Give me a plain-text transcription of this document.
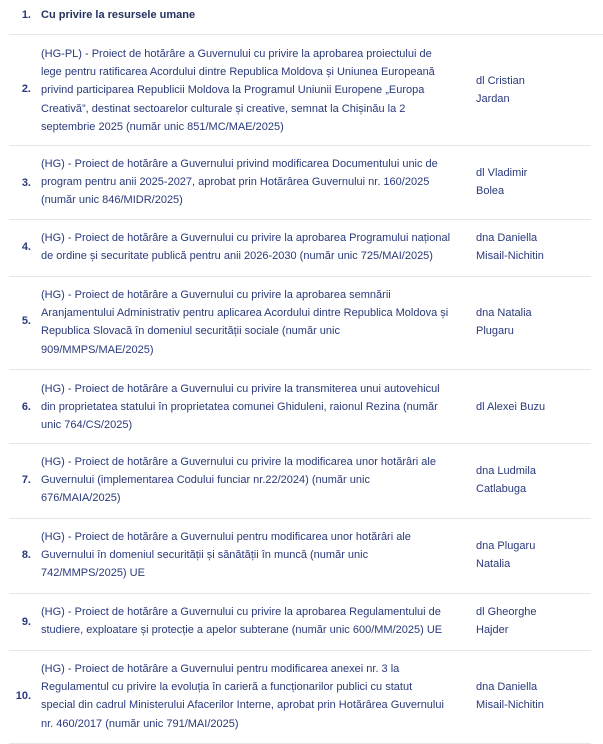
1. Cu privire la resursele umane
2.
(HG-PL) - Proiect de hotărâre a Guvernului cu privire la aprobarea proiectului de
lege pentru ratificarea Acordului dintre Republica Moldova și Uniunea Europeană
privind participarea Republicii Moldova la Programul Uniunii Europene „Europa
Creativă”, destinat sectoarelor culturale și creative, semnat la Chișinău la 2
septembrie 2025 (număr unic 851/MC/MAE/2025)
dl Cristian
Jardan
3.
(HG) - Proiect de hotărâre a Guvernului privind modificarea Documentului unic de
program pentru anii 2025-2027, aprobat prin Hotărârea Guvernului nr. 160/2025
(număr unic 846/MIDR/2025)
dl Vladimir
Bolea
4.
(HG) - Proiect de hotărâre a Guvernului cu privire la aprobarea Programului național
de ordine și securitate publică pentru anii 2026-2030 (număr unic 725/MAI/2025)
dna Daniella
Misail-Nichitin
5.
(HG) - Proiect de hotărâre a Guvernului cu privire la aprobarea semnării
Aranjamentului Administrativ pentru aplicarea Acordului dintre Republica Moldova și
Republica Slovacă în domeniul securității sociale (număr unic
909/MMPS/MAE/2025)
dna Natalia
Plugaru
6.
(HG) - Proiect de hotărâre a Guvernului cu privire la transmiterea unui autovehicul
din proprietatea statului în proprietatea comunei Ghiduleni, raionul Rezina (număr
unic 764/CS/2025)
dl Alexei Buzu
7.
(HG) - Proiect de hotărâre a Guvernului cu privire la modificarea unor hotărâri ale
Guvernului (implementarea Codului funciar nr.22/2024) (număr unic
676/MAIA/2025)
dna Ludmila
Catlabuga
8.
(HG) - Proiect de hotărâre a Guvernului pentru modificarea unor hotărâri ale
Guvernului în domeniul securității și sănătății în muncă (număr unic
742/MMPS/2025) UE
dna Plugaru
Natalia
9.
(HG) - Proiect de hotărâre a Guvernului cu privire la aprobarea Regulamentului de
studiere, exploatare și protecție a apelor subterane (număr unic 600/MM/2025) UE
dl Gheorghe
Hajder
10.
(HG) - Proiect de hotărâre a Guvernului pentru modificarea anexei nr. 3 la
Regulamentul cu privire la evoluția în carieră a funcționarilor publici cu statut
special din cadrul Ministerului Afacerilor Interne, aprobat prin Hotărârea Guvernului
nr. 460/2017 (număr unic 791/MAI/2025)
dna Daniella
Misail-Nichitin
